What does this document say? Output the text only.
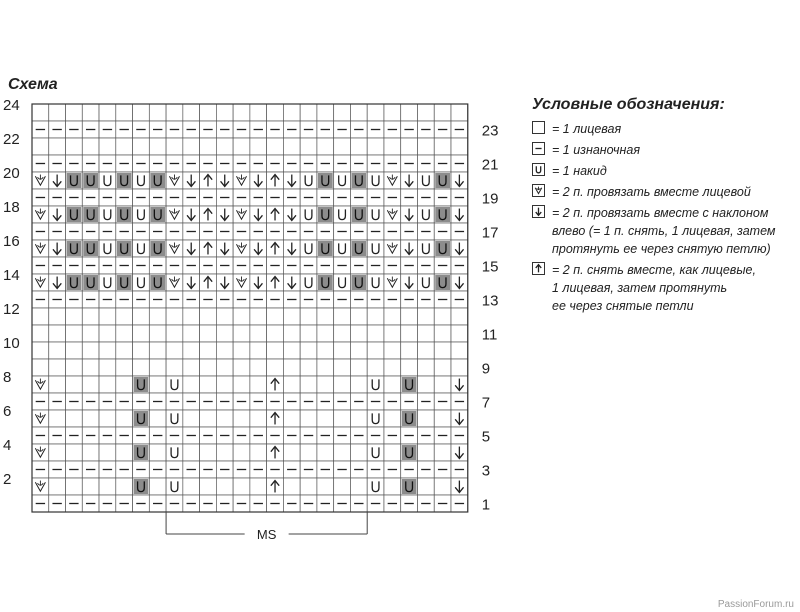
Схема
2
4
6
8
10
12
14
16
18
20
22
24
1
3
5
7
9
11
13
15
17
19
21
23
MS
Условные обозначения:
= 1 лицевая
= 1 изнаночная
= 1 накид
= 2 п. провязать вместе лицевой
= 2 п. провязать вместе с наклоном
влево (= 1 п. снять, 1 лицевая, затем
протянуть ее через снятую петлю)
= 2 п. снять вместе, как лицевые,
1 лицевая, затем протянуть
ее через снятые петли
PassionForum.ru
